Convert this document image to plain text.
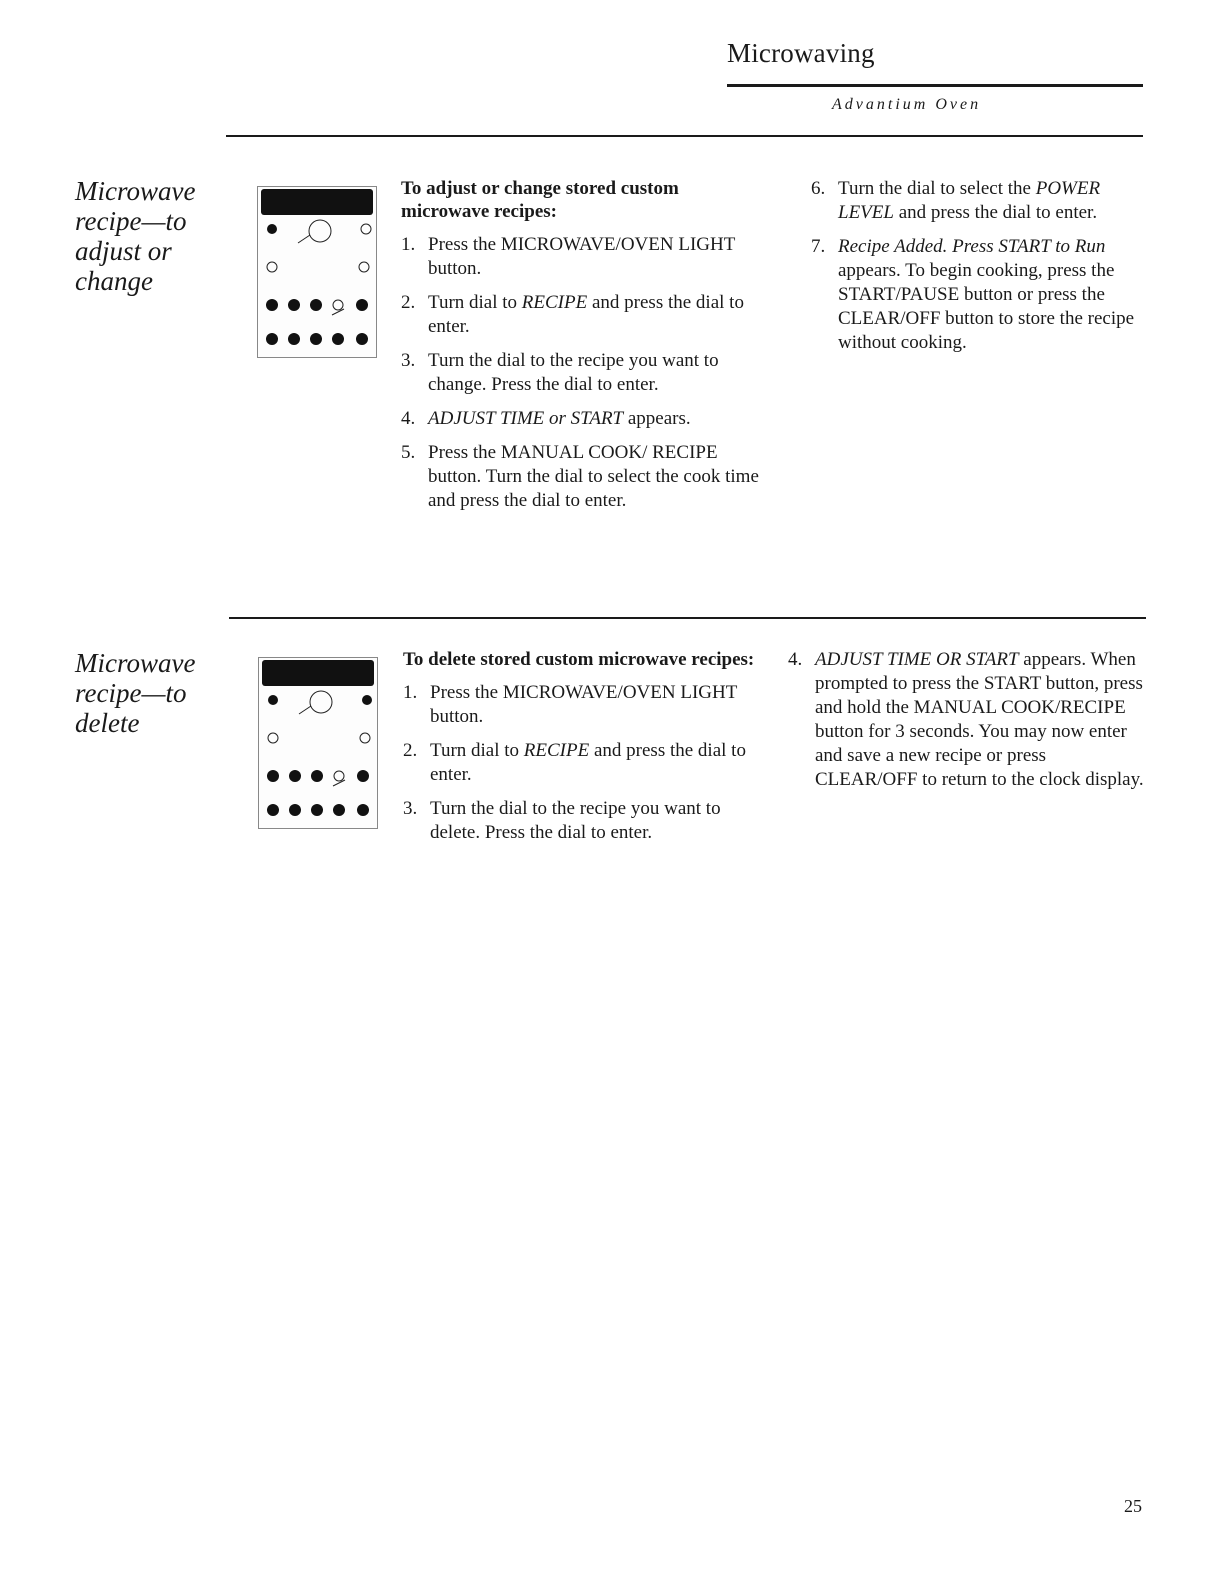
Microwaving
Advantium Oven
Microwave
recipe—to
adjust or
change
To adjust or change stored custom microwave recipes:
1. Press the MICROWAVE/OVEN LIGHT button.
2. Turn dial to RECIPE and press the dial to enter.
3. Turn the dial to the recipe you want to change. Press the dial to enter.
4. ADJUST TIME or START appears.
5. Press the MANUAL COOK/ RECIPE button. Turn the dial to select the cook time and press the dial to enter.
6. Turn the dial to select the POWER LEVEL and press the dial to enter.
7. Recipe Added. Press START to Run appears. To begin cooking, press the START/PAUSE button or press the CLEAR/OFF button to store the recipe without cooking.
Microwave
recipe—to
delete
To delete stored custom microwave recipes:
1. Press the MICROWAVE/OVEN LIGHT button.
2. Turn dial to RECIPE and press the dial to enter.
3. Turn the dial to the recipe you want to delete. Press the dial to enter.
4. ADJUST TIME OR START appears. When prompted to press the START button, press and hold the MANUAL COOK/RECIPE button for 3 seconds. You may now enter and save a new recipe or press CLEAR/OFF to return to the clock display.
25
